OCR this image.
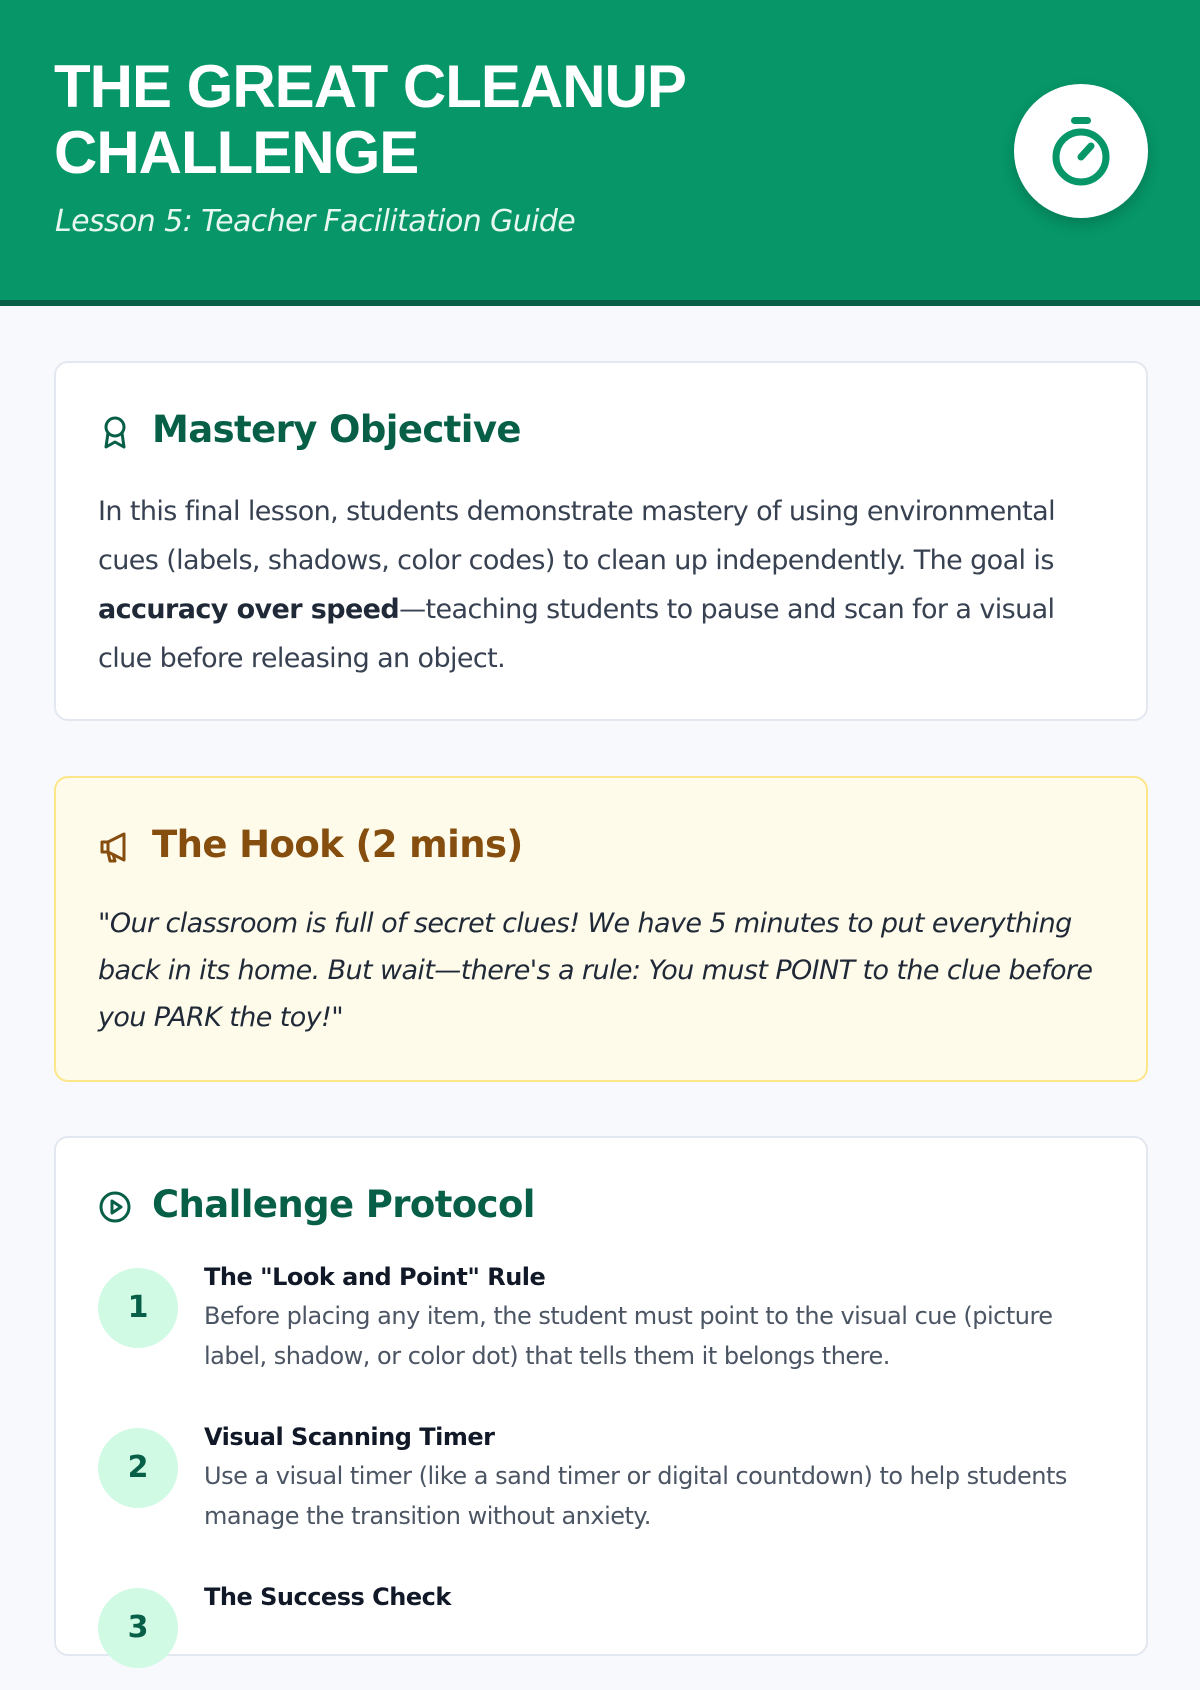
THE GREAT CLEANUP CHALLENGE
Lesson 5: Teacher Facilitation Guide
Mastery Objective
In this final lesson, students demonstrate mastery of using environmental cues (labels, shadows, color codes) to clean up independently. The goal is accuracy over speed—teaching students to pause and scan for a visual clue before releasing an object.
The Hook (2 mins)
"Our classroom is full of secret clues! We have 5 minutes to put everything back in its home. But wait—there's a rule: You must POINT to the clue before you PARK the toy!"
Challenge Protocol
1
The "Look and Point" Rule
Before placing any item, the student must point to the visual cue (picture label, shadow, or color dot) that tells them it belongs there.
2
Visual Scanning Timer
Use a visual timer (like a sand timer or digital countdown) to help students manage the transition without anxiety.
3
The Success Check
